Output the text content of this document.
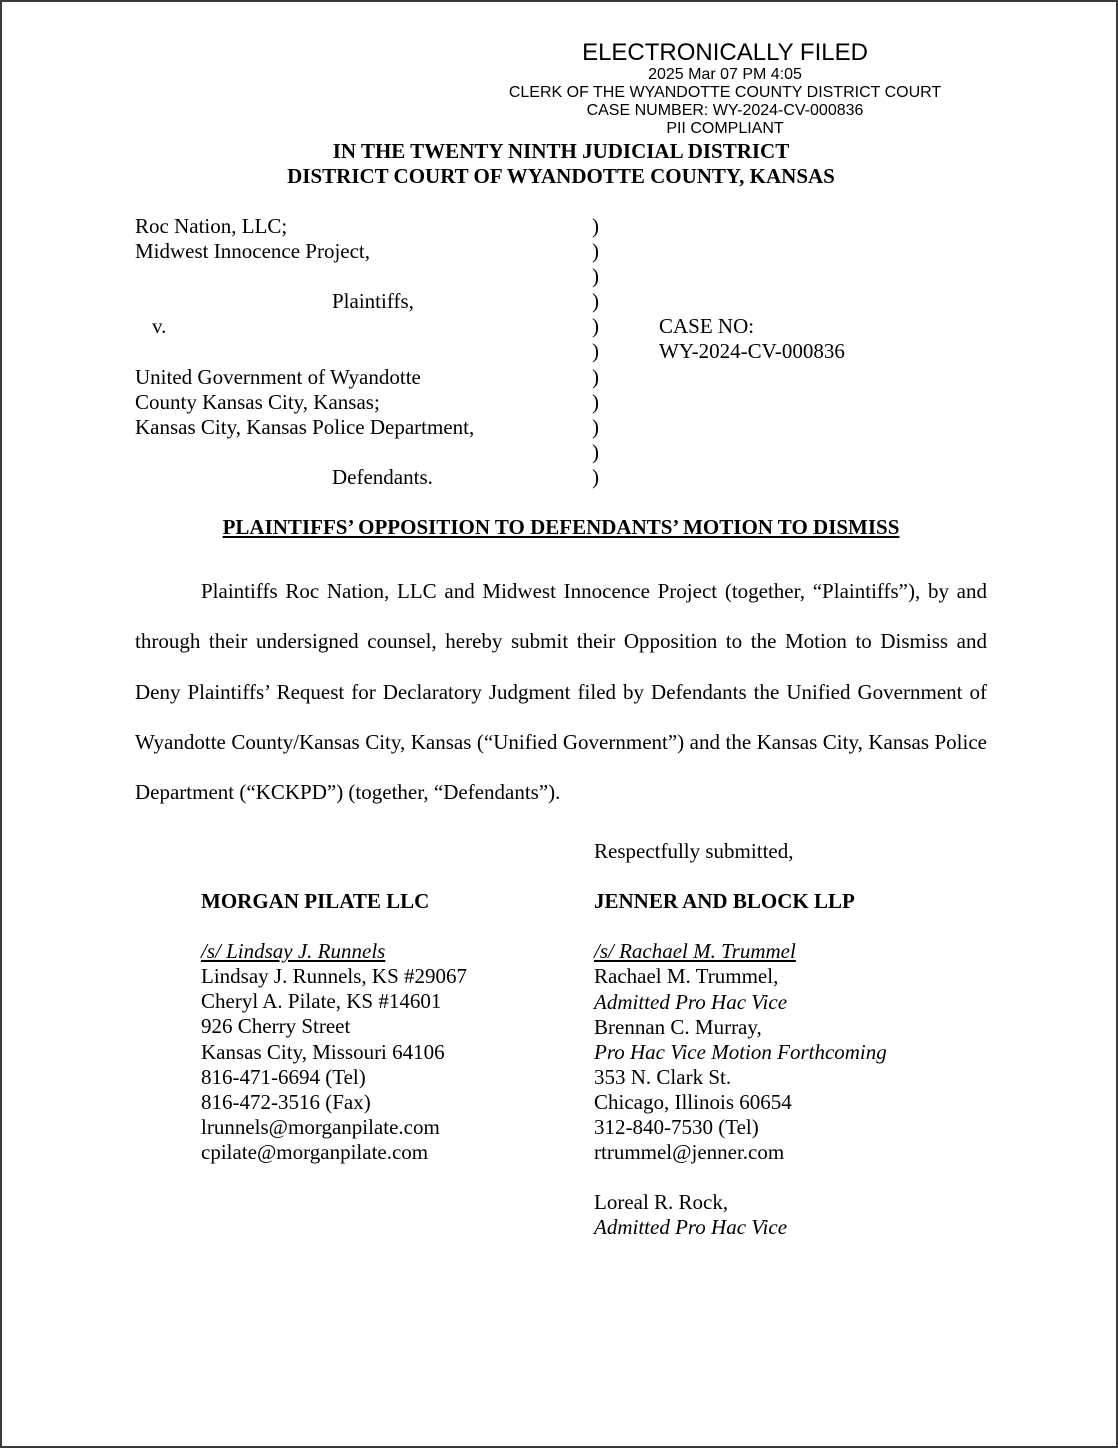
ELECTRONICALLY FILED
2025 Mar 07 PM 4:05
CLERK OF THE WYANDOTTE COUNTY DISTRICT COURT
CASE NUMBER: WY-2024-CV-000836
PII COMPLIANT
IN THE TWENTY NINTH JUDICIAL DISTRICT
DISTRICT COURT OF WYANDOTTE COUNTY, KANSAS
Roc Nation, LLC;
Midwest Innocence Project,
Plaintiffs,
v.
United Government of Wyandotte
County Kansas City, Kansas;
Kansas City, Kansas Police Department,
Defendants.
)
)
)
)
)
)
)
)
)
)
)
CASE NO:
WY-2024-CV-000836
PLAINTIFFS’ OPPOSITION TO DEFENDANTS’ MOTION TO DISMISS

Plaintiffs Roc Nation, LLC and Midwest Innocence Project (together, “Plaintiffs”), by and through their undersigned counsel, hereby submit their Opposition to the Motion to Dismiss and Deny Plaintiffs’ Request for Declaratory Judgment filed by Defendants the Unified Government of Wyandotte County/Kansas City, Kansas (“Unified Government”) and the Kansas City, Kansas Police Department (“KCKPD”) (together, “Defendants”).

Respectfully submitted,
JENNER AND BLOCK LLP
/s/ Rachael M. Trummel
Rachael M. Trummel,
Admitted Pro Hac Vice
Brennan C. Murray,
Pro Hac Vice Motion Forthcoming
353 N. Clark St.
Chicago, Illinois 60654
312-840-7530 (Tel)
rtrummel@jenner.com
Loreal R. Rock,
Admitted Pro Hac Vice
MORGAN PILATE LLC
/s/ Lindsay J. Runnels
Lindsay J. Runnels, KS #29067
Cheryl A. Pilate, KS #14601
926 Cherry Street
Kansas City, Missouri 64106
816-471-6694 (Tel)
816-472-3516 (Fax)
lrunnels@morganpilate.com
cpilate@morganpilate.com
